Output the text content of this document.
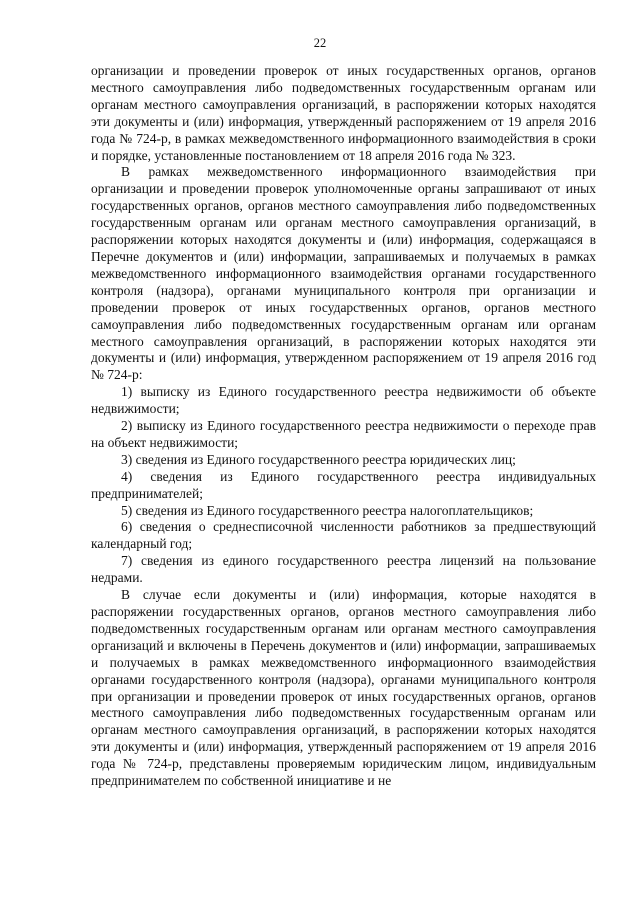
22

организации и проведении проверок от иных государственных органов, органов местного самоуправления либо подведомственных государственным органам или органам местного самоуправления организаций, в распоряжении которых находятся эти документы и (или) информация, утвержденный распоряжением от 19 апреля 2016 года № 724-р, в рамках межведомственного информационного взаимодействия в сроки и порядке, установленные постановлением от 18 апреля 2016 года № 323.

В рамках межведомственного информационного взаимодействия при организации и проведении проверок уполномоченные органы запрашивают от иных государственных органов, органов местного самоуправления либо подведомственных государственным органам или органам местного самоуправления организаций, в распоряжении которых находятся документы и (или) информация, содержащаяся в Перечне документов и (или) информации, запрашиваемых и получаемых в рамках межведомственного информационного взаимодействия органами государственного контроля (надзора), органами муниципального контроля при организации и проведении проверок от иных государственных органов, органов местного самоуправления либо подведомственных государственным органам или органам местного самоуправления организаций, в распоряжении которых находятся эти документы и (или) информация, утвержденном распоряжением от 19 апреля 2016 год № 724-р:

1) выписку из Единого государственного реестра недвижимости об объекте недвижимости;

2) выписку из Единого государственного реестра недвижимости о переходе прав на объект недвижимости;

3) сведения из Единого государственного реестра юридических лиц;

4) сведения из Единого государственного реестра индивидуальных предпринимателей;

5) сведения из Единого государственного реестра налогоплательщиков;

6) сведения о среднесписочной численности работников за предшествующий календарный год;

7) сведения из единого государственного реестра лицензий на пользование недрами.

В случае если документы и (или) информация, которые находятся в распоряжении государственных органов, органов местного самоуправления либо подведомственных государственным органам или органам местного самоуправления организаций и включены в Перечень документов и (или) информации, запрашиваемых и получаемых в рамках межведомственного информационного взаимодействия органами государственного контроля (надзора), органами муниципального контроля при организации и проведении проверок от иных государственных органов, органов местного самоуправления либо подведомственных государственным органам или органам местного самоуправления организаций, в распоряжении которых находятся эти документы и (или) информация, утвержденный распоряжением от 19 апреля 2016 года № 724-р, представлены проверяемым юридическим лицом, индивидуальным предпринимателем по собственной инициативе и не
